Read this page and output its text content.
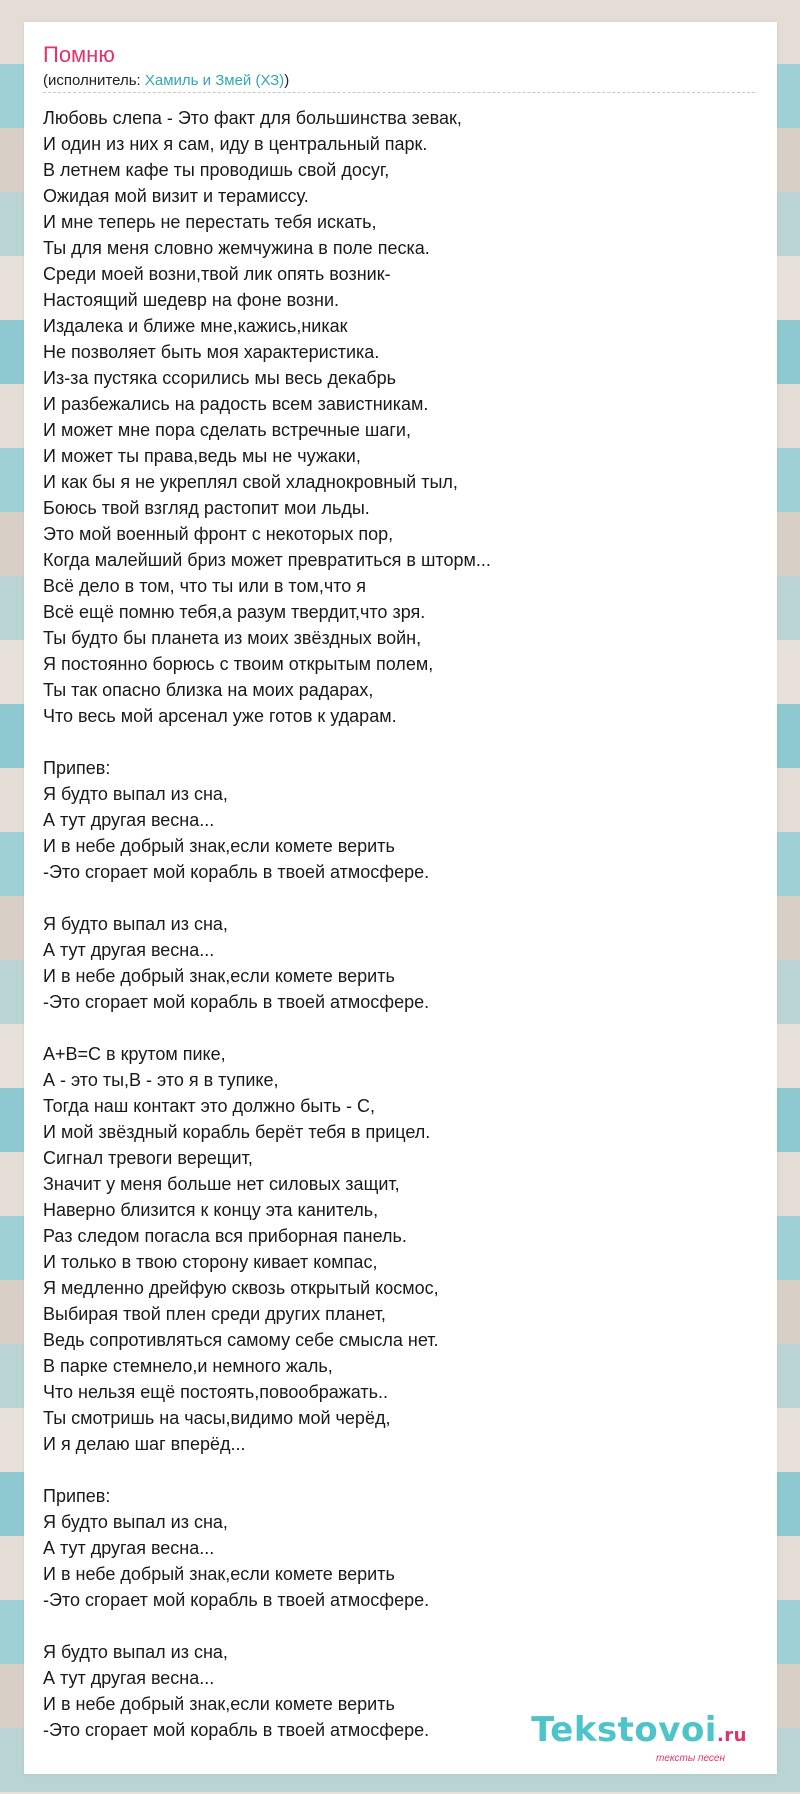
Помню
(исполнитель: Хамиль и Змей (ХЗ))
Любовь слепа - Это факт для большинства зевак,
И один из них я сам, иду в центральный парк.
В летнем кафе ты проводишь свой досуг,
Ожидая мой визит и терамиссу.
И мне теперь не перестать тебя искать,
Ты для меня словно жемчужина в поле песка.
Среди моей возни,твой лик опять возник-
Настоящий шедевр на фоне возни.
Издалека и ближе мне,кажись,никак
Не позволяет быть моя характеристика.
Из-за пустяка ссорились мы весь декабрь
И разбежались на радость всем завистникам.
И может мне пора сделать встречные шаги,
И может ты права,ведь мы не чужаки,
И как бы я не укреплял свой хладнокровный тыл,
Боюсь твой взгляд растопит мои льды.
Это мой военный фронт с некоторых пор,
Когда малейший бриз может превратиться в шторм...
Всё дело в том, что ты или в том,что я
Всё ещё помню тебя,а разум твердит,что зря.
Ты будто бы планета из моих звёздных войн,
Я постоянно борюсь с твоим открытым полем,
Ты так опасно близка на моих радарах,
Что весь мой арсенал уже готов к ударам.

Припев:
Я будто выпал из сна,
А тут другая весна...
И в небе добрый знак,если комете верить
-Это сгорает мой корабль в твоей атмосфере.

Я будто выпал из сна,
А тут другая весна...
И в небе добрый знак,если комете верить
-Это сгорает мой корабль в твоей атмосфере.

A+B=C в крутом пике,
А - это ты,В - это я в тупике,
Тогда наш контакт это должно быть - С,
И мой звёздный корабль берёт тебя в прицел.
Сигнал тревоги верещит,
Значит у меня больше нет силовых защит,
Наверно близится к концу эта канитель,
Раз следом погасла вся приборная панель.
И только в твою сторону кивает компас,
Я медленно дрейфую сквозь открытый космос,
Выбирая твой плен среди других планет,
Ведь сопротивляться самому себе смысла нет.
В парке стемнело,и немного жаль,
Что нельзя ещё постоять,повоображать..
Ты смотришь на часы,видимо мой черёд,
И я делаю шаг вперёд...

Припев:
Я будто выпал из сна,
А тут другая весна...
И в небе добрый знак,если комете верить
-Это сгорает мой корабль в твоей атмосфере.

Я будто выпал из сна,
А тут другая весна...
И в небе добрый знак,если комете верить
-Это сгорает мой корабль в твоей атмосфере.	Tekstovoi.ru
тексты песен
